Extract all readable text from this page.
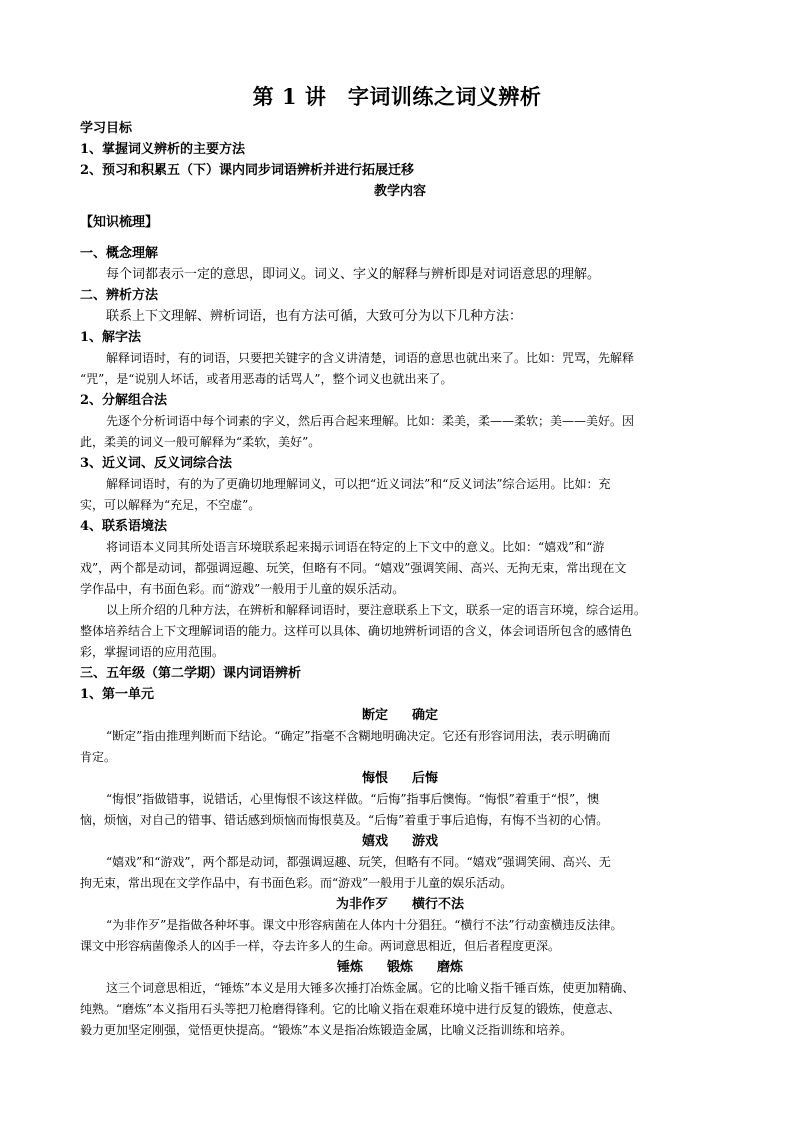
第 1 讲　字词训练之词义辨析
学习目标
1、掌握词义辨析的主要方法
2、预习和积累五（下）课内同步词语辨析并进行拓展迁移
教学内容
【知识梳理】
一、概念理解
每个词都表示一定的意思，即词义。词义、字义的解释与辨析即是对词语意思的理解。
二、辨析方法
联系上下文理解、辨析词语，也有方法可循，大致可分为以下几种方法：
1、解字法
解释词语时，有的词语，只要把关键字的含义讲清楚，词语的意思也就出来了。比如：咒骂，先解释
“咒”，是“说别人坏话，或者用恶毒的话骂人”，整个词义也就出来了。
2、分解组合法
先逐个分析词语中每个词素的字义，然后再合起来理解。比如：柔美，柔——柔软；美——美好。因
此，柔美的词义一般可解释为“柔软，美好”。
3、近义词、反义词综合法
解释词语时，有的为了更确切地理解词义，可以把“近义词法”和“反义词法”综合运用。比如：充
实，可以解释为“充足，不空虚”。
4、联系语境法
将词语本义同其所处语言环境联系起来揭示词语在特定的上下文中的意义。比如：“嬉戏”和“游
戏”，两个都是动词，都强调逗趣、玩笑，但略有不同。“嬉戏”强调笑闹、高兴、无拘无束，常出现在文
学作品中，有书面色彩。而“游戏”一般用于儿童的娱乐活动。
以上所介绍的几种方法，在辨析和解释词语时，要注意联系上下文，联系一定的语言环境，综合运用。
整体培养结合上下文理解词语的能力。这样可以具体、确切地辨析词语的含义，体会词语所包含的感情色
彩，掌握词语的应用范围。
三、五年级（第二学期）课内词语辨析
1、第一单元
断定 确定
“断定”指由推理判断而下结论。“确定”指毫不含糊地明确决定。它还有形容词用法，表示明确而
肯定。
悔恨 后悔
“悔恨”指做错事，说错话，心里悔恨不该这样做。“后悔”指事后懊悔。“悔恨”着重于“恨”，懊
恼，烦恼，对自己的错事、错话感到烦恼而悔恨莫及。“后悔”着重于事后追悔，有悔不当初的心情。
嬉戏 游戏
“嬉戏”和“游戏”，两个都是动词，都强调逗趣、玩笑，但略有不同。“嬉戏”强调笑闹、高兴、无
拘无束，常出现在文学作品中，有书面色彩。而“游戏”一般用于儿童的娱乐活动。
为非作歹 横行不法
“为非作歹”是指做各种坏事。课文中形容病菌在人体内十分猖狂。“横行不法”行动蛮横违反法律。
课文中形容病菌像杀人的凶手一样，夺去许多人的生命。两词意思相近，但后者程度更深。
锤炼 锻炼 磨炼
这三个词意思相近，“锤炼”本义是用大锤多次捶打冶炼金属。它的比喻义指千锤百炼，使更加精确、
纯熟。“磨炼”本义指用石头等把刀枪磨得锋利。它的比喻义指在艰难环境中进行反复的锻炼，使意志、
毅力更加坚定刚强，觉悟更快提高。“锻炼”本义是指冶炼锻造金属，比喻义泛指训练和培养。
